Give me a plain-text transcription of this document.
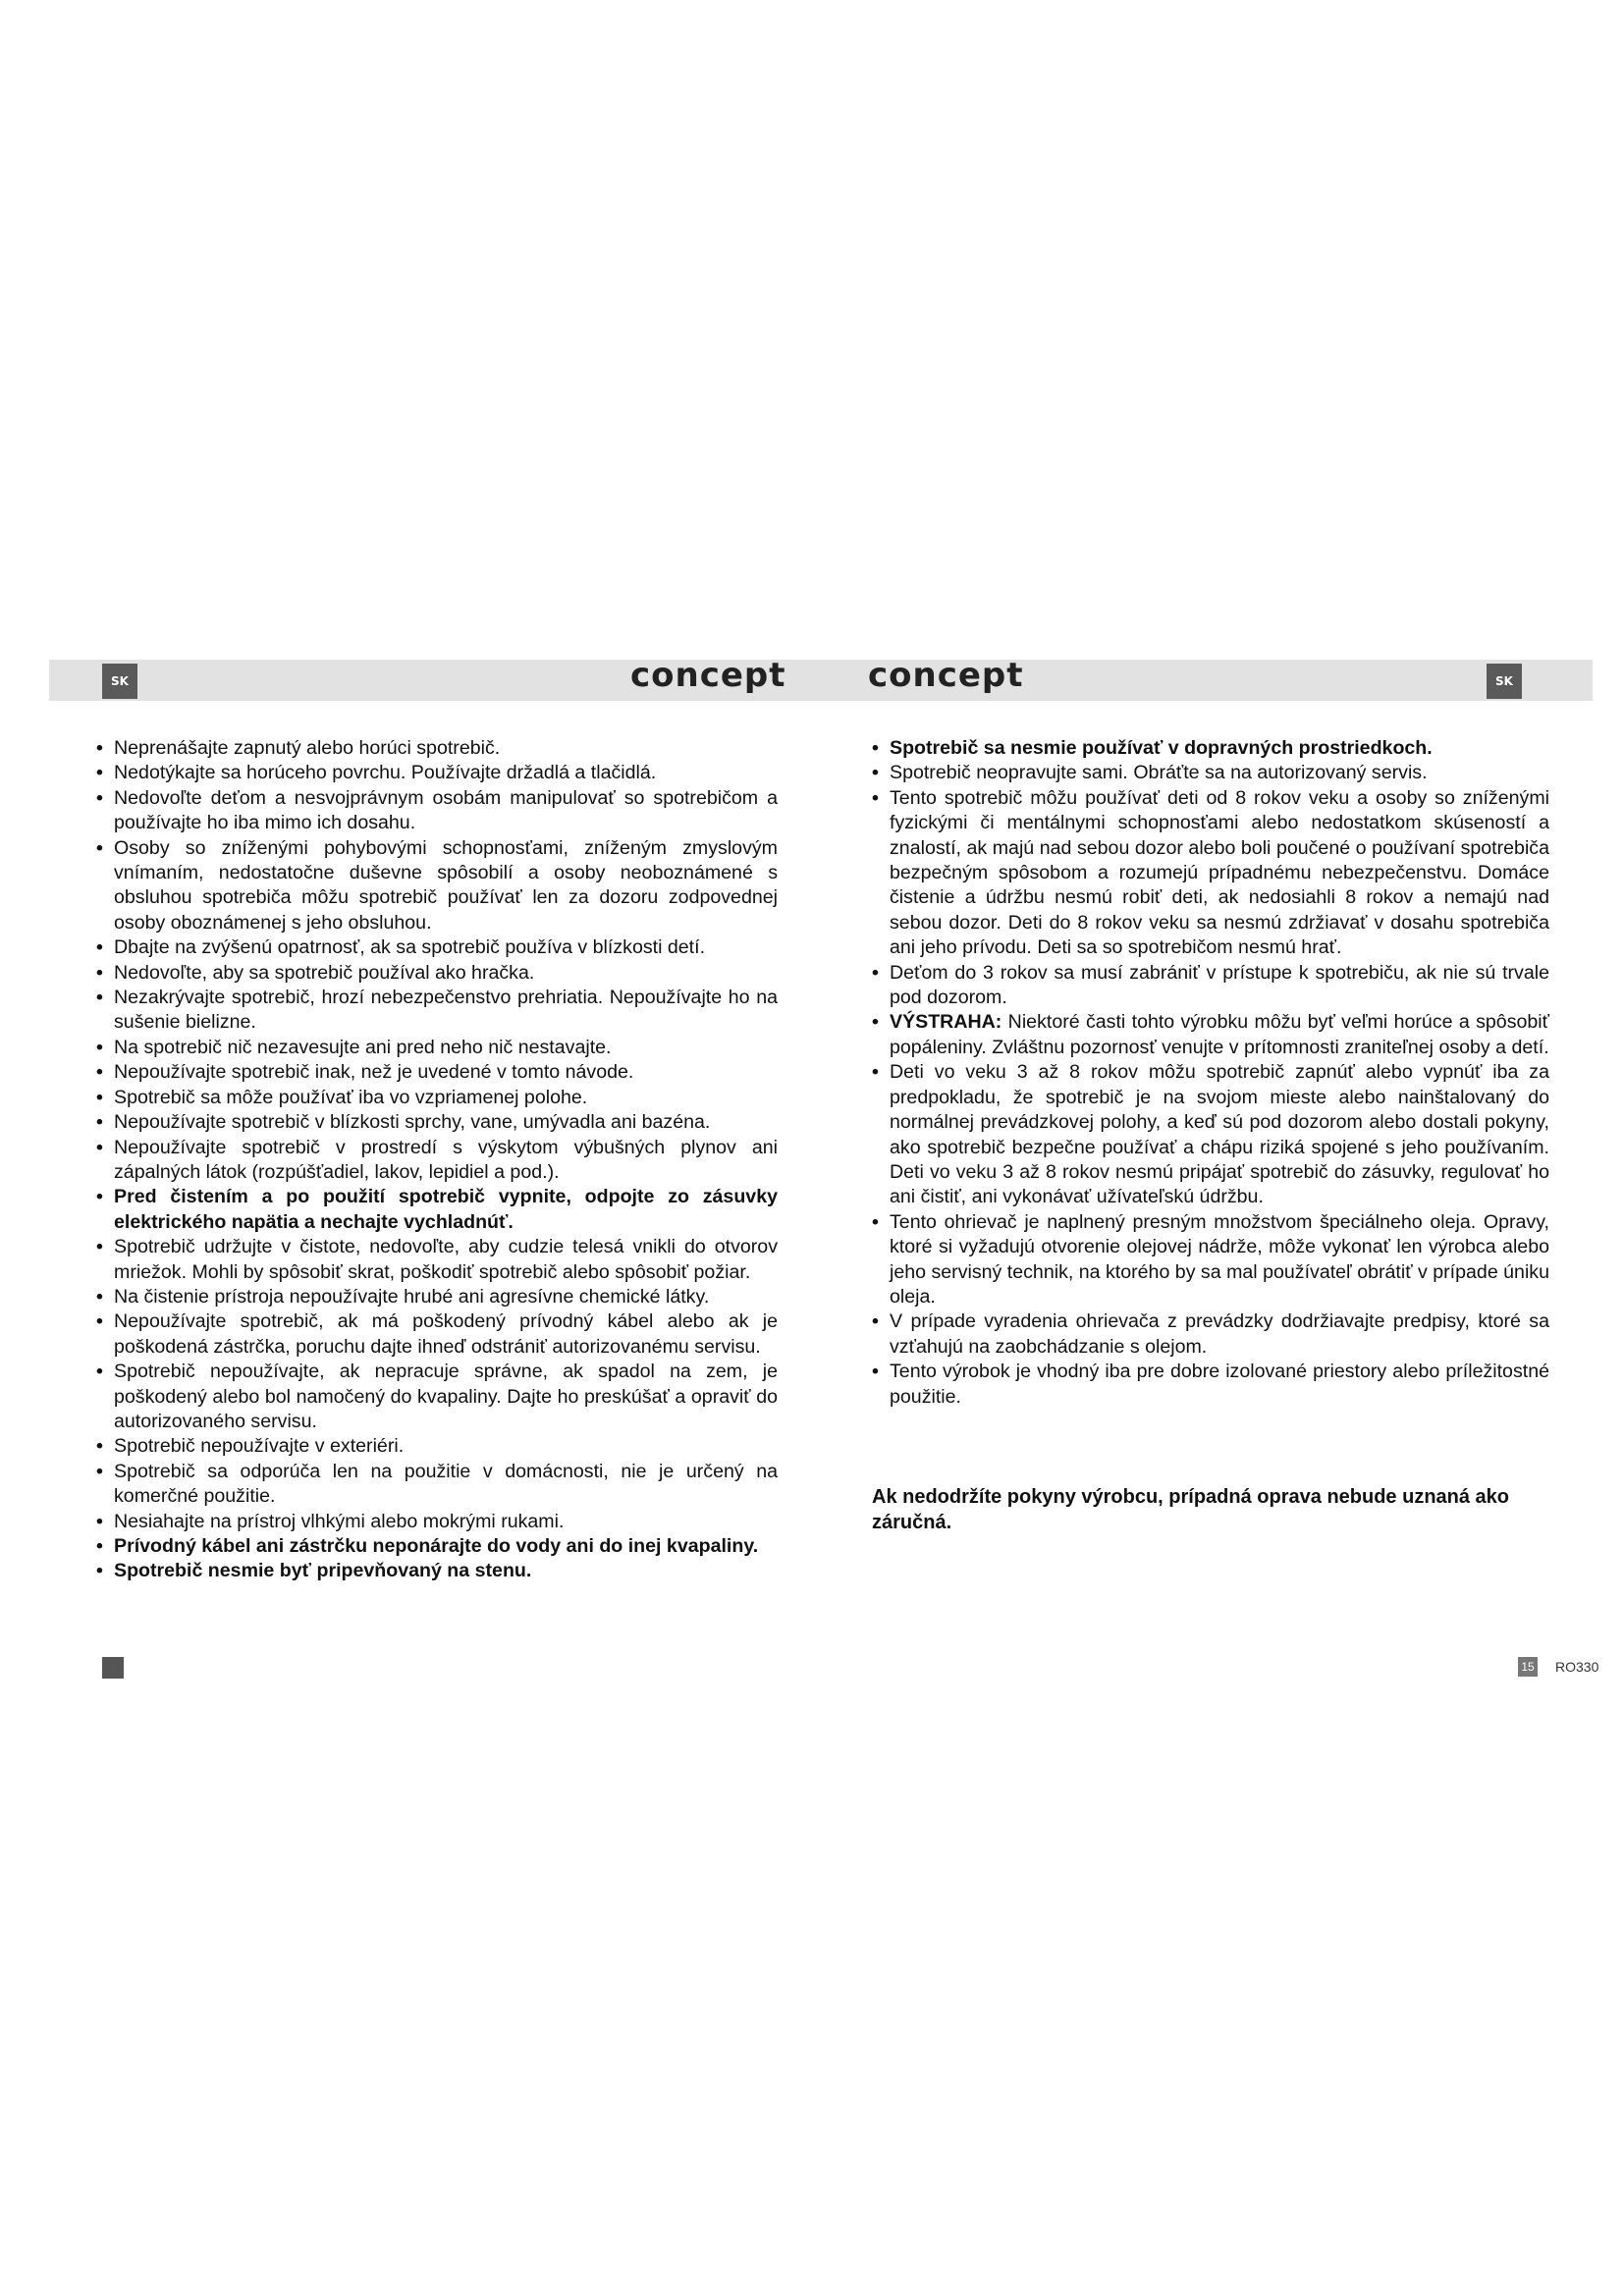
SK	concept concept	SK
• Neprenášajte zapnutý alebo horúci spotrebič.
• Nedotýkajte sa horúceho povrchu. Používajte držadlá a tlačidlá.
• Nedovoľte deťom a nesvojprávnym osobám manipulovať so spotrebičom a používajte ho iba mimo ich dosahu.
• Osoby so zníženými pohybovými schopnosťami, zníženým zmyslovým vnímaním, nedostatočne duševne spôsobilí a osoby neoboznámené s obsluhou spotrebiča môžu spotrebič používať len za dozoru zodpovednej osoby oboznámenej s jeho obsluhou.
• Dbajte na zvýšenú opatrnosť, ak sa spotrebič používa v blízkosti detí.
• Nedovoľte, aby sa spotrebič používal ako hračka.
• Nezakrývajte spotrebič, hrozí nebezpečenstvo prehriatia. Nepoužívajte ho na sušenie bielizne.
• Na spotrebič nič nezavesujte ani pred neho nič nestavajte.
• Nepoužívajte spotrebič inak, než je uvedené v tomto návode.
• Spotrebič sa môže používať iba vo vzpriamenej polohe.
• Nepoužívajte spotrebič v blízkosti sprchy, vane, umývadla ani bazéna.
• Nepoužívajte spotrebič v prostredí s výskytom výbušných plynov ani zápalných látok (rozpúšťadiel, lakov, lepidiel a pod.).
• Pred čistením a po použití spotrebič vypnite, odpojte zo zásuvky elektrického napätia a nechajte vychladnúť.
• Spotrebič udržujte v čistote, nedovoľte, aby cudzie telesá vnikli do otvorov mriežok. Mohli by spôsobiť skrat, poškodiť spotrebič alebo spôsobiť požiar.
• Na čistenie prístroja nepoužívajte hrubé ani agresívne chemické látky.
• Nepoužívajte spotrebič, ak má poškodený prívodný kábel alebo ak je poškodená zástrčka, poruchu dajte ihneď odstrániť autorizovanému servisu.
• Spotrebič nepoužívajte, ak nepracuje správne, ak spadol na zem, je poškodený alebo bol namočený do kvapaliny. Dajte ho preskúšať a opraviť do autorizovaného servisu.
• Spotrebič nepoužívajte v exteriéri.
• Spotrebič sa odporúča len na použitie v domácnosti, nie je určený na komerčné použitie.
• Nesiahajte na prístroj vlhkými alebo mokrými rukami.
• Prívodný kábel ani zástrčku neponárajte do vody ani do inej kvapaliny.
• Spotrebič nesmie byť pripevňovaný na stenu.
• Spotrebič sa nesmie používať v dopravných prostriedkoch.
• Spotrebič neopravujte sami. Obráťte sa na autorizovaný servis.
• Tento spotrebič môžu používať deti od 8 rokov veku a osoby so zníženými fyzickými či mentálnymi schopnosťami alebo nedostatkom skúseností a znalostí, ak majú nad sebou dozor alebo boli poučené o používaní spotrebiča bezpečným spôsobom a rozumejú prípadnému nebezpečenstvu. Domáce čistenie a údržbu nesmú robiť deti, ak nedosiahli 8 rokov a nemajú nad sebou dozor. Deti do 8 rokov veku sa nesmú zdržiavať v dosahu spotrebiča ani jeho prívodu. Deti sa so spotrebičom nesmú hrať.
• Deťom do 3 rokov sa musí zabrániť v prístupe k spotrebiču, ak nie sú trvale pod dozorom.
• VÝSTRAHA: Niektoré časti tohto výrobku môžu byť veľmi horúce a spôsobiť popáleniny. Zvláštnu pozornosť venujte v prítomnosti zraniteľnej osoby a detí.
• Deti vo veku 3 až 8 rokov môžu spotrebič zapnúť alebo vypnúť iba za predpokladu, že spotrebič je na svojom mieste alebo nainštalovaný do normálnej prevádzkovej polohy, a keď sú pod dozorom alebo dostali pokyny, ako spotrebič bezpečne používať a chápu riziká spojené s jeho používaním. Deti vo veku 3 až 8 rokov nesmú pripájať spotrebič do zásuvky, regulovať ho ani čistiť, ani vykonávať užívateľskú údržbu.
• Tento ohrievač je naplnený presným množstvom špeciálneho oleja. Opravy, ktoré si vyžadujú otvorenie olejovej nádrže, môže vykonať len výrobca alebo jeho servisný technik, na ktorého by sa mal používateľ obrátiť v prípade úniku oleja.
• V prípade vyradenia ohrievača z prevádzky dodržiavajte predpisy, ktoré sa vzťahujú na zaobchádzanie s olejom.
• Tento výrobok je vhodný iba pre dobre izolované priestory alebo príležitostné použitie.
Ak nedodržíte pokyny výrobcu, prípadná oprava nebude uznaná ako záručná.
15 RO330
